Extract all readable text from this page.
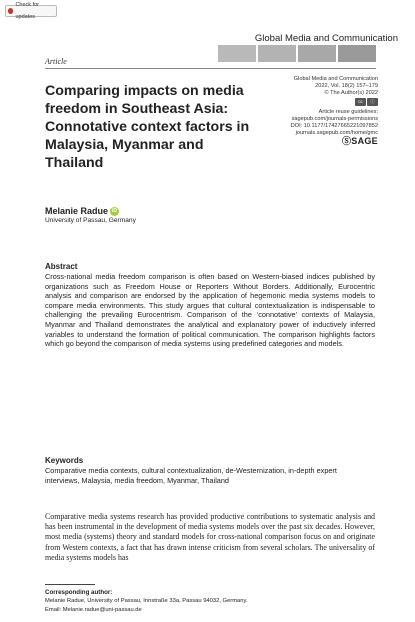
Check for updates
Global Media and Communication
Article
Comparing impacts on media freedom in Southeast Asia: Connotative context factors in Malaysia, Myanmar and Thailand
Global Media and Communication
2022, Vol. 18(2) 157–179
© The Author(s) 2022
cc	ⓘ
Article reuse guidelines:
sagepub.com/journals-permissions
DOI: 10.1177/17427665221097852
journals.sagepub.com/home/gmc
ⓈSAGE
Melanie Radue iD
University of Passau, Germany
Abstract
Cross-national media freedom comparison is often based on Western-biased indices published by organizations such as Freedom House or Reporters Without Borders. Additionally, Eurocentric analysis and comparison are endorsed by the application of hegemonic media systems models to compare media environments. This study argues that cultural contextualization is indispensable to challenging the prevailing Eurocentrism. Comparison of the ‘connotative’ contexts of Malaysia, Myanmar and Thailand demonstrates the analytical and explanatory power of inductively inferred variables to understand the formation of political communication. The comparison highlights factors which go beyond the comparison of media systems using predefined categories and models.
Keywords
Comparative media contexts, cultural contextualization, de-Westernization, in-depth expert interviews, Malaysia, media freedom, Myanmar, Thailand
Comparative media systems research has provided productive contributions to systematic analysis and has been instrumental in the development of media systems models over the past six decades. However, most media (systems) theory and standard models for cross-national comparison focus on and originate from Western contexts, a fact that has drawn intense criticism from several scholars. The universality of media systems models has
Corresponding author:
Melanie Radue, University of Passau, Innstraße 33a, Passau 94032, Germany.
Email: Melanie.radue@uni-passau.de
